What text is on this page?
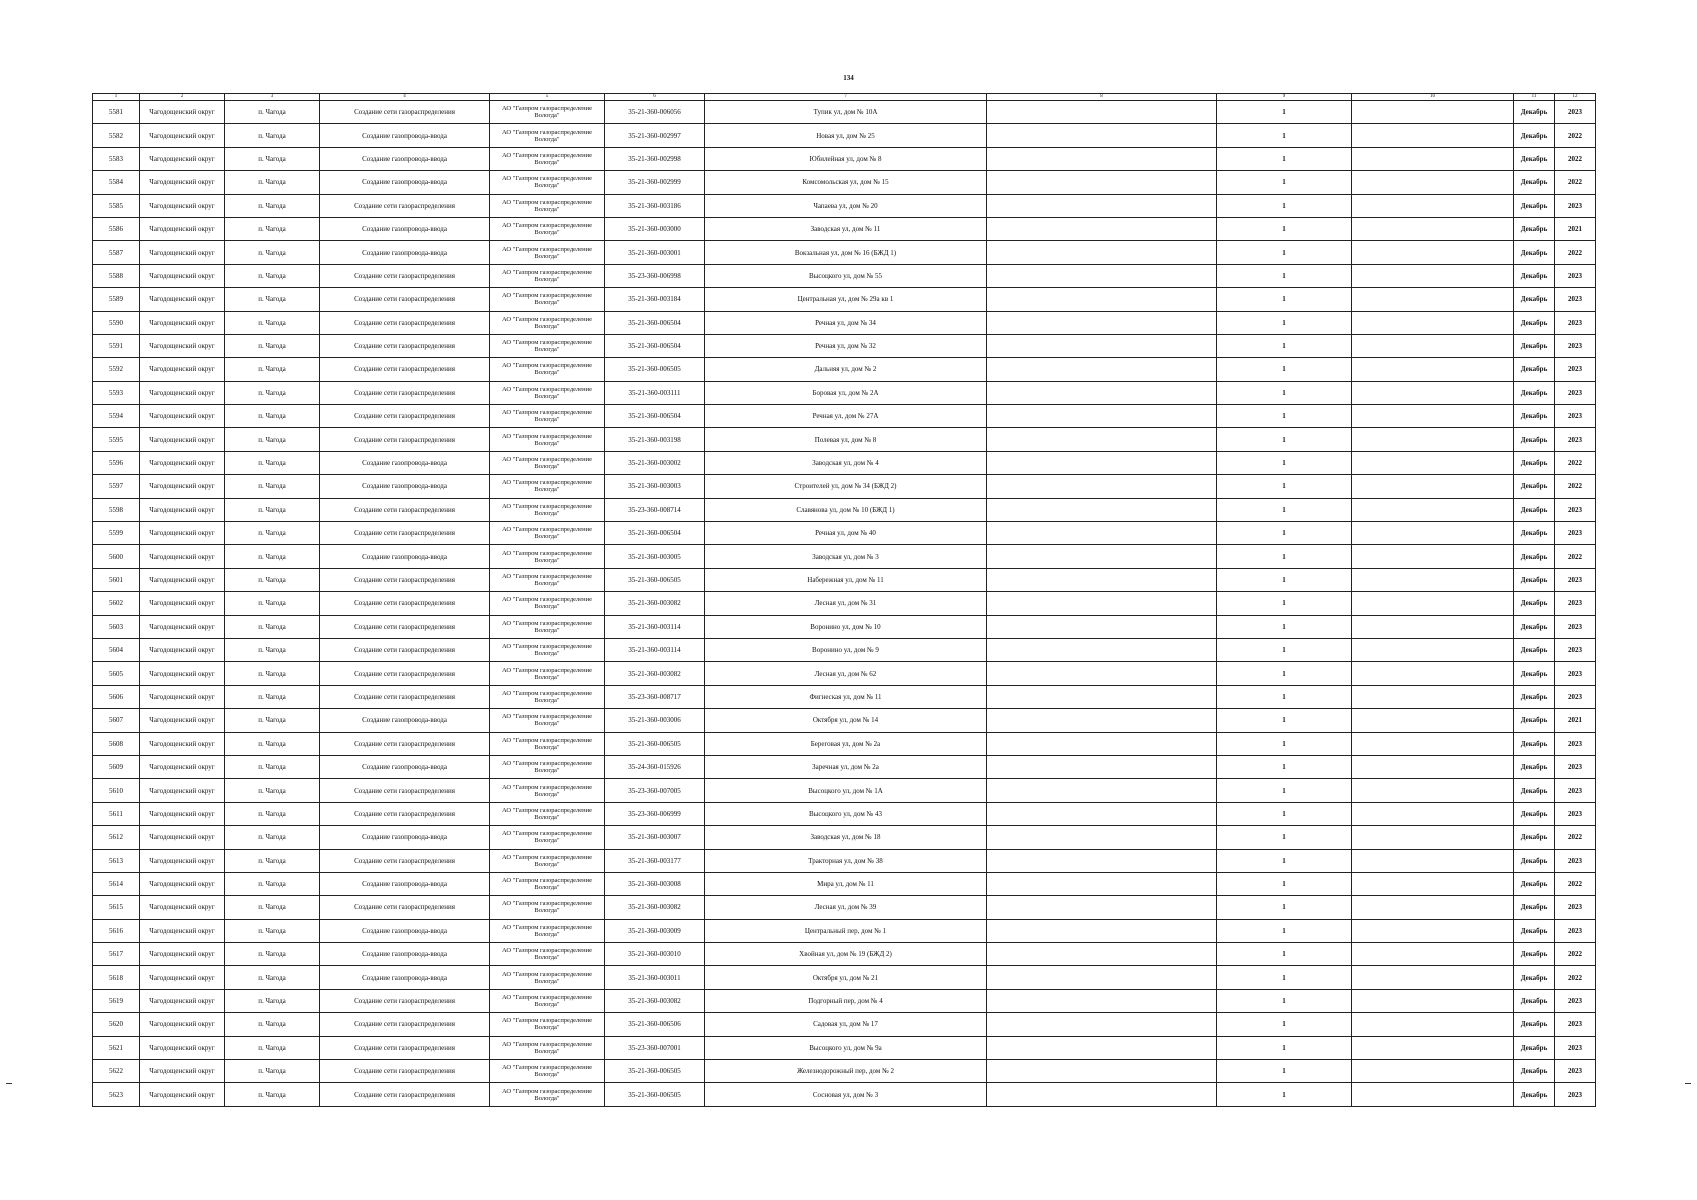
134
1	2	3	4	5	6	7	8	9	10	11	12
5581	Чагодощенский округ	п. Чагода	Создание сети газораспределения	АО "Газпром газораспределение Вологда"	35-21-360-006056	Тупик ул, дом № 10А		1		Декабрь	2023
5582	Чагодощенский округ	п. Чагода	Создание газопровода-ввода	АО "Газпром газораспределение Вологда"	35-21-360-002997	Новая ул, дом № 25		1		Декабрь	2022
5583	Чагодощенский округ	п. Чагода	Создание газопровода-ввода	АО "Газпром газораспределение Вологда"	35-21-360-002998	Юбилейная ул, дом № 8		1		Декабрь	2022
5584	Чагодощенский округ	п. Чагода	Создание газопровода-ввода	АО "Газпром газораспределение Вологда"	35-21-360-002999	Комсомольская ул, дом № 15		1		Декабрь	2022
5585	Чагодощенский округ	п. Чагода	Создание сети газораспределения	АО "Газпром газораспределение Вологда"	35-21-360-003186	Чапаева ул, дом № 20		1		Декабрь	2023
5586	Чагодощенский округ	п. Чагода	Создание газопровода-ввода	АО "Газпром газораспределение Вологда"	35-21-360-003000	Заводская ул, дом № 11		1		Декабрь	2021
5587	Чагодощенский округ	п. Чагода	Создание газопровода-ввода	АО "Газпром газораспределение Вологда"	35-21-360-003001	Вокзальная ул, дом № 16 (БЖД 1)		1		Декабрь	2022
5588	Чагодощенский округ	п. Чагода	Создание сети газораспределения	АО "Газпром газораспределение Вологда"	35-23-360-006998	Высоцкого ул, дом № 55		1		Декабрь	2023
5589	Чагодощенский округ	п. Чагода	Создание сети газораспределения	АО "Газпром газораспределение Вологда"	35-21-360-003184	Центральная ул, дом № 29а кв 1		1		Декабрь	2023
5590	Чагодощенский округ	п. Чагода	Создание сети газораспределения	АО "Газпром газораспределение Вологда"	35-21-360-006504	Речная ул, дом № 34		1		Декабрь	2023
5591	Чагодощенский округ	п. Чагода	Создание сети газораспределения	АО "Газпром газораспределение Вологда"	35-21-360-006504	Речная ул, дом № 32		1		Декабрь	2023
5592	Чагодощенский округ	п. Чагода	Создание сети газораспределения	АО "Газпром газораспределение Вологда"	35-21-360-006505	Дальняя ул, дом № 2		1		Декабрь	2023
5593	Чагодощенский округ	п. Чагода	Создание сети газораспределения	АО "Газпром газораспределение Вологда"	35-21-360-003111	Боровая ул, дом № 2А		1		Декабрь	2023
5594	Чагодощенский округ	п. Чагода	Создание сети газораспределения	АО "Газпром газораспределение Вологда"	35-21-360-006504	Речная ул, дом № 27А		1		Декабрь	2023
5595	Чагодощенский округ	п. Чагода	Создание сети газораспределения	АО "Газпром газораспределение Вологда"	35-21-360-003198	Полевая ул, дом № 8		1		Декабрь	2023
5596	Чагодощенский округ	п. Чагода	Создание газопровода-ввода	АО "Газпром газораспределение Вологда"	35-21-360-003002	Заводская ул, дом № 4		1		Декабрь	2022
5597	Чагодощенский округ	п. Чагода	Создание газопровода-ввода	АО "Газпром газораспределение Вологда"	35-21-360-003003	Строителей ул, дом № 34 (БЖД 2)		1		Декабрь	2022
5598	Чагодощенский округ	п. Чагода	Создание сети газораспределения	АО "Газпром газораспределение Вологда"	35-23-360-008714	Славянова ул, дом № 10 (БЖД 1)		1		Декабрь	2023
5599	Чагодощенский округ	п. Чагода	Создание сети газораспределения	АО "Газпром газораспределение Вологда"	35-21-360-006504	Речная ул, дом № 40		1		Декабрь	2023
5600	Чагодощенский округ	п. Чагода	Создание газопровода-ввода	АО "Газпром газораспределение Вологда"	35-21-360-003005	Заводская ул, дом № 3		1		Декабрь	2022
5601	Чагодощенский округ	п. Чагода	Создание сети газораспределения	АО "Газпром газораспределение Вологда"	35-21-360-006505	Набережная ул, дом № 11		1		Декабрь	2023
5602	Чагодощенский округ	п. Чагода	Создание сети газораспределения	АО "Газпром газораспределение Вологда"	35-21-360-003082	Лесная ул, дом № 31		1		Декабрь	2023
5603	Чагодощенский округ	п. Чагода	Создание сети газораспределения	АО "Газпром газораспределение Вологда"	35-21-360-003114	Воронино ул, дом № 10		1		Декабрь	2023
5604	Чагодощенский округ	п. Чагода	Создание сети газораспределения	АО "Газпром газораспределение Вологда"	35-21-360-003114	Воронино ул, дом № 9		1		Декабрь	2023
5605	Чагодощенский округ	п. Чагода	Создание сети газораспределения	АО "Газпром газораспределение Вологда"	35-21-360-003082	Лесная ул, дом № 62		1		Декабрь	2023
5606	Чагодощенский округ	п. Чагода	Создание сети газораспределения	АО "Газпром газораспределение Вологда"	35-23-360-008717	Фигнеская ул, дом № 11		1		Декабрь	2023
5607	Чагодощенский округ	п. Чагода	Создание газопровода-ввода	АО "Газпром газораспределение Вологда"	35-21-360-003006	Октября ул, дом № 14		1		Декабрь	2021
5608	Чагодощенский округ	п. Чагода	Создание сети газораспределения	АО "Газпром газораспределение Вологда"	35-21-360-006505	Береговая ул, дом № 2а		1		Декабрь	2023
5609	Чагодощенский округ	п. Чагода	Создание газопровода-ввода	АО "Газпром газораспределение Вологда"	35-24-360-015926	Заречная ул, дом № 2а		1		Декабрь	2023
5610	Чагодощенский округ	п. Чагода	Создание сети газораспределения	АО "Газпром газораспределение Вологда"	35-23-360-007005	Высоцкого ул, дом № 1А		1		Декабрь	2023
5611	Чагодощенский округ	п. Чагода	Создание сети газораспределения	АО "Газпром газораспределение Вологда"	35-23-360-006999	Высоцкого ул, дом № 43		1		Декабрь	2023
5612	Чагодощенский округ	п. Чагода	Создание газопровода-ввода	АО "Газпром газораспределение Вологда"	35-21-360-003007	Заводская ул, дом № 18		1		Декабрь	2022
5613	Чагодощенский округ	п. Чагода	Создание сети газораспределения	АО "Газпром газораспределение Вологда"	35-21-360-003177	Тракторная ул, дом № 38		1		Декабрь	2023
5614	Чагодощенский округ	п. Чагода	Создание газопровода-ввода	АО "Газпром газораспределение Вологда"	35-21-360-003008	Мира ул, дом № 11		1		Декабрь	2022
5615	Чагодощенский округ	п. Чагода	Создание сети газораспределения	АО "Газпром газораспределение Вологда"	35-21-360-003082	Лесная ул, дом № 39		1		Декабрь	2023
5616	Чагодощенский округ	п. Чагода	Создание газопровода-ввода	АО "Газпром газораспределение Вологда"	35-21-360-003009	Центральный пер, дом № 1		1		Декабрь	2023
5617	Чагодощенский округ	п. Чагода	Создание газопровода-ввода	АО "Газпром газораспределение Вологда"	35-21-360-003010	Хвойная ул, дом № 19 (БЖД 2)		1		Декабрь	2022
5618	Чагодощенский округ	п. Чагода	Создание газопровода-ввода	АО "Газпром газораспределение Вологда"	35-21-360-003011	Октября ул, дом № 21		1		Декабрь	2022
5619	Чагодощенский округ	п. Чагода	Создание сети газораспределения	АО "Газпром газораспределение Вологда"	35-21-360-003082	Подгорный пер, дом № 4		1		Декабрь	2023
5620	Чагодощенский округ	п. Чагода	Создание сети газораспределения	АО "Газпром газораспределение Вологда"	35-21-360-006506	Садовая ул, дом № 17		1		Декабрь	2023
5621	Чагодощенский округ	п. Чагода	Создание сети газораспределения	АО "Газпром газораспределение Вологда"	35-23-360-007001	Высоцкого ул, дом № 9а		1		Декабрь	2023
5622	Чагодощенский округ	п. Чагода	Создание сети газораспределения	АО "Газпром газораспределение Вологда"	35-21-360-006505	Железнодорожный пер, дом № 2		1		Декабрь	2023
5623	Чагодощенский округ	п. Чагода	Создание сети газораспределения	АО "Газпром газораспределение Вологда"	35-21-360-006505	Сосновая ул, дом № 3		1		Декабрь	2023
